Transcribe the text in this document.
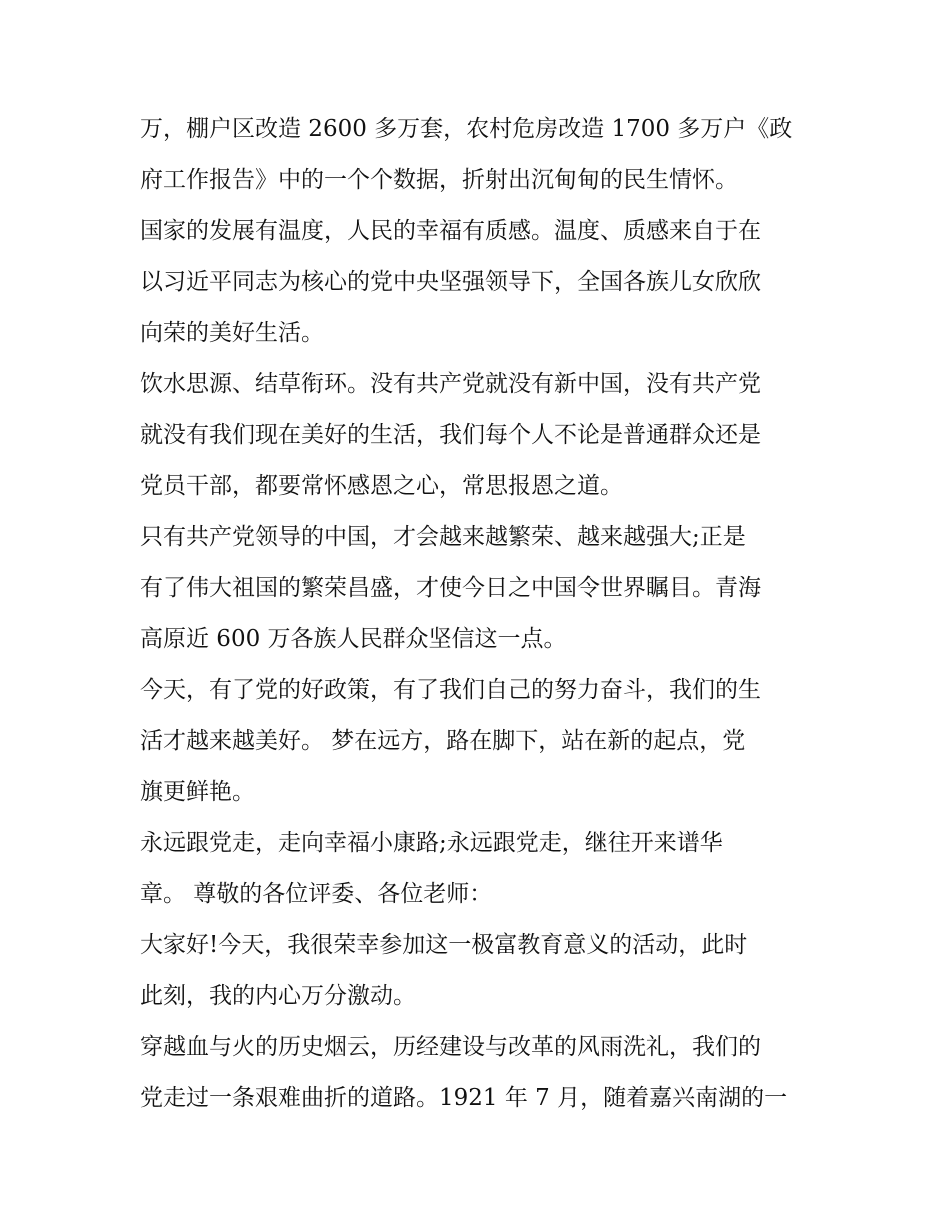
万，棚户区改造 2600 多万套，农村危房改造 1700 多万户《政

府工作报告》中的一个个数据，折射出沉甸甸的民生情怀。

国家的发展有温度，人民的幸福有质感。温度、质感来自于在

以习近平同志为核心的党中央坚强领导下，全国各族儿女欣欣

向荣的美好生活。

饮水思源、结草衔环。没有共产党就没有新中国，没有共产党

就没有我们现在美好的生活，我们每个人不论是普通群众还是

党员干部，都要常怀感恩之心，常思报恩之道。

只有共产党领导的中国，才会越来越繁荣、越来越强大;正是

有了伟大祖国的繁荣昌盛，才使今日之中国令世界瞩目。青海

高原近 600 万各族人民群众坚信这一点。

今天，有了党的好政策，有了我们自己的努力奋斗，我们的生

活才越来越美好。 梦在远方，路在脚下，站在新的起点，党

旗更鲜艳。

永远跟党走，走向幸福小康路;永远跟党走，继往开来谱华

章。 尊敬的各位评委、各位老师：

大家好!今天，我很荣幸参加这一极富教育意义的活动，此时

此刻，我的内心万分激动。

穿越血与火的历史烟云，历经建设与改革的风雨洗礼，我们的

党走过一条艰难曲折的道路。1921 年 7 月，随着嘉兴南湖的一
